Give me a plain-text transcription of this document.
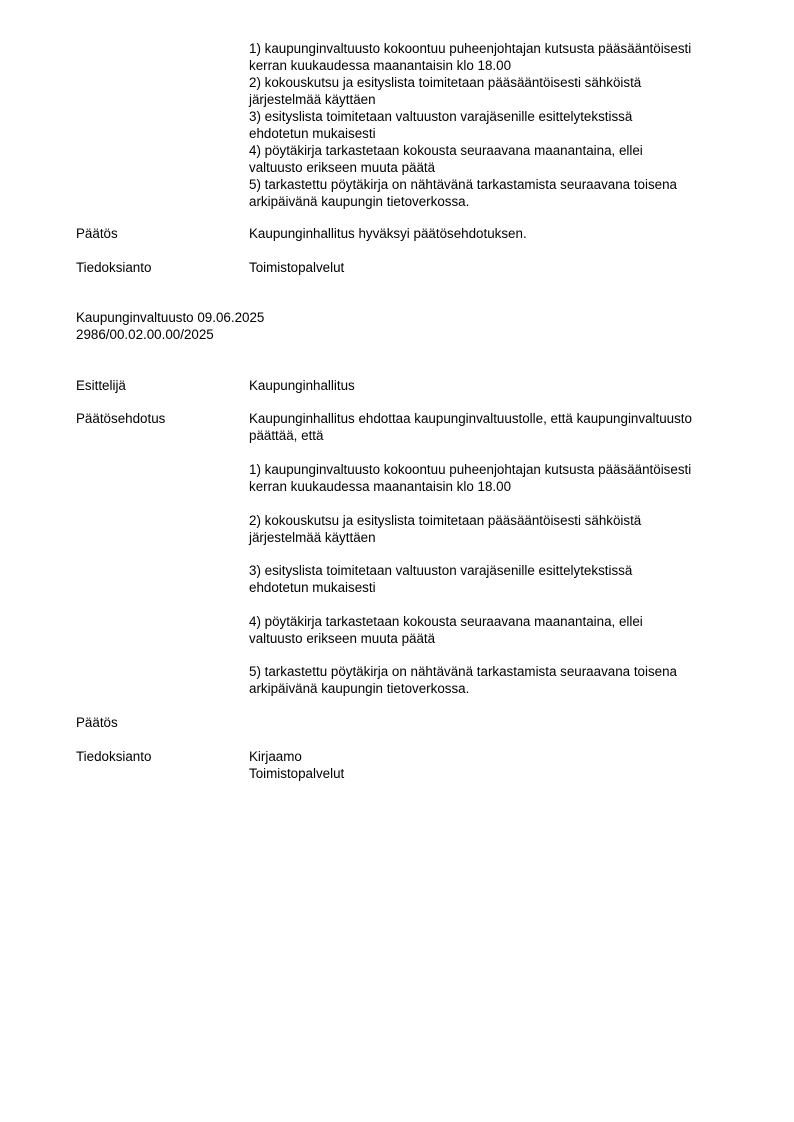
1) kaupunginvaltuusto kokoontuu puheenjohtajan kutsusta pääsääntöisesti
kerran kuukaudessa maanantaisin klo 18.00
2) kokouskutsu ja esityslista toimitetaan pääsääntöisesti sähköistä
järjestelmää käyttäen
3) esityslista toimitetaan valtuuston varajäsenille esittelytekstissä
ehdotetun mukaisesti
4) pöytäkirja tarkastetaan kokousta seuraavana maanantaina, ellei
valtuusto erikseen muuta päätä
5) tarkastettu pöytäkirja on nähtävänä tarkastamista seuraavana toisena
arkipäivänä kaupungin tietoverkossa.
Päätös	Kaupunginhallitus hyväksyi päätösehdotuksen.
Tiedoksianto	Toimistopalvelut
Kaupunginvaltuusto 09.06.2025
2986/00.02.00.00/2025
Esittelijä	Kaupunginhallitus
Päätösehdotus	Kaupunginhallitus ehdottaa kaupunginvaltuustolle, että kaupunginvaltuusto
päättää, että
1) kaupunginvaltuusto kokoontuu puheenjohtajan kutsusta pääsääntöisesti
kerran kuukaudessa maanantaisin klo 18.00
2) kokouskutsu ja esityslista toimitetaan pääsääntöisesti sähköistä
järjestelmää käyttäen
3) esityslista toimitetaan valtuuston varajäsenille esittelytekstissä
ehdotetun mukaisesti
4) pöytäkirja tarkastetaan kokousta seuraavana maanantaina, ellei
valtuusto erikseen muuta päätä
5) tarkastettu pöytäkirja on nähtävänä tarkastamista seuraavana toisena
arkipäivänä kaupungin tietoverkossa.
Päätös
Tiedoksianto	Kirjaamo
Toimistopalvelut
